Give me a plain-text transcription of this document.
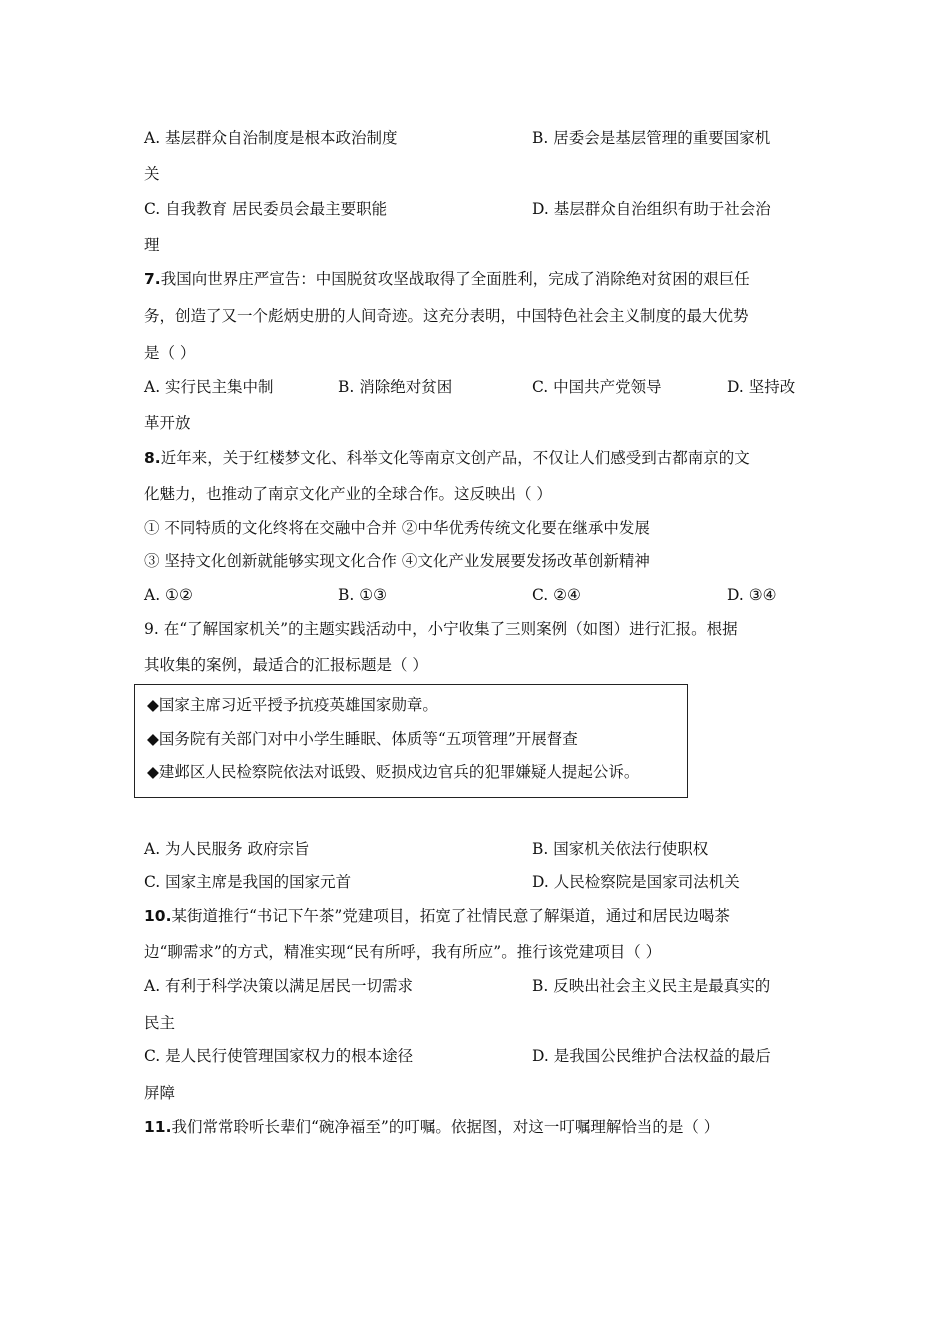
A. 基层群众自治制度是根本政治制度	B. 居委会是基层管理的重要国家机
关
C. 自我教育 居民委员会最主要职能	D. 基层群众自治组织有助于社会治
理
7.我国向世界庄严宣告：中国脱贫攻坚战取得了全面胜利，完成了消除绝对贫困的艰巨任
务，创造了又一个彪炳史册的人间奇迹。这充分表明，中国特色社会主义制度的最大优势
是（ ）
A. 实行民主集中制	B. 消除绝对贫困	C. 中国共产党领导	D. 坚持改
革开放
8.近年来，关于红楼梦文化、科举文化等南京文创产品，不仅让人们感受到古都南京的文
化魅力，也推动了南京文化产业的全球合作。这反映出（ ）
① 不同特质的文化终将在交融中合并 ②中华优秀传统文化要在继承中发展
③ 坚持文化创新就能够实现文化合作 ④文化产业发展要发扬改革创新精神
A. ①②	B. ①③	C. ②④	D. ③④
9. 在“了解国家机关”的主题实践活动中，小宁收集了三则案例（如图）进行汇报。根据
其收集的案例，最适合的汇报标题是（ ）
◆国家主席习近平授予抗疫英雄国家勋章。
◆国务院有关部门对中小学生睡眠、体质等“五项管理”开展督查
◆建邺区人民检察院依法对诋毁、贬损戍边官兵的犯罪嫌疑人提起公诉。
A. 为人民服务 政府宗旨	B. 国家机关依法行使职权
C. 国家主席是我国的国家元首	D. 人民检察院是国家司法机关
10.某街道推行“书记下午茶”党建项目，拓宽了社情民意了解渠道，通过和居民边喝茶
边“聊需求”的方式，精准实现“民有所呼，我有所应”。推行该党建项目（ ）
A. 有利于科学决策以满足居民一切需求	B. 反映出社会主义民主是最真实的
民主
C. 是人民行使管理国家权力的根本途径	D. 是我国公民维护合法权益的最后
屏障
11.我们常常聆听长辈们“碗净福至”的叮嘱。依据图，对这一叮嘱理解恰当的是（ ）
